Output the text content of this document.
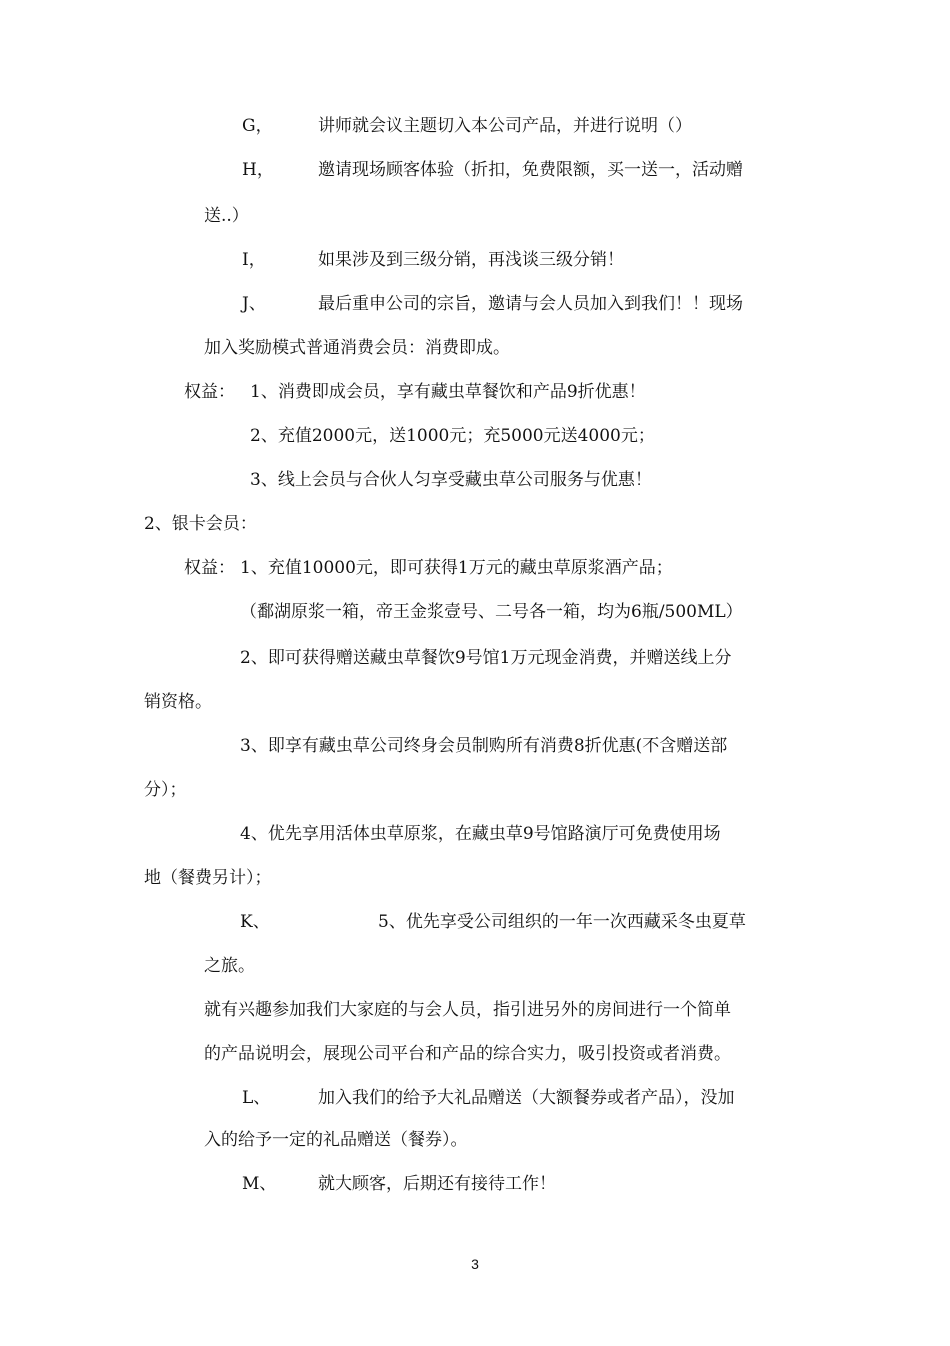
G，	讲师就会议主题切入本公司产品，并进行说明（）
H，	邀请现场顾客体验（折扣，免费限额，买一送一，活动赠
送..）
I，	如果涉及到三级分销，再浅谈三级分销！
J、	最后重申公司的宗旨，邀请与会人员加入到我们！！现场
加入奖励模式普通消费会员：消费即成。
权益： 1、消费即成会员，享有藏虫草餐饮和产品9折优惠！
2、充值2000元，送1000元；充5000元送4000元；
3、线上会员与合伙人匀享受藏虫草公司服务与优惠！
2、银卡会员：
权益： 1、充值10000元，即可获得1万元的藏虫草原浆酒产品；
（鄱湖原浆一箱，帝王金浆壹号、二号各一箱，均为6瓶/500ML）
2、即可获得赠送藏虫草餐饮9号馆1万元现金消费，并赠送线上分
销资格。
3、即享有藏虫草公司终身会员制购所有消费8折优惠(不含赠送部
分）；
4、优先享用活体虫草原浆，在藏虫草9号馆路演厅可免费使用场
地（餐费另计）；
K、	5、优先享受公司组织的一年一次西藏采冬虫夏草
之旅。
就有兴趣参加我们大家庭的与会人员，指引进另外的房间进行一个简单
的产品说明会，展现公司平台和产品的综合实力，吸引投资或者消费。
L、	加入我们的给予大礼品赠送（大额餐券或者产品），没加
入的给予一定的礼品赠送（餐券）。
M、 就大顾客，后期还有接待工作！
3
